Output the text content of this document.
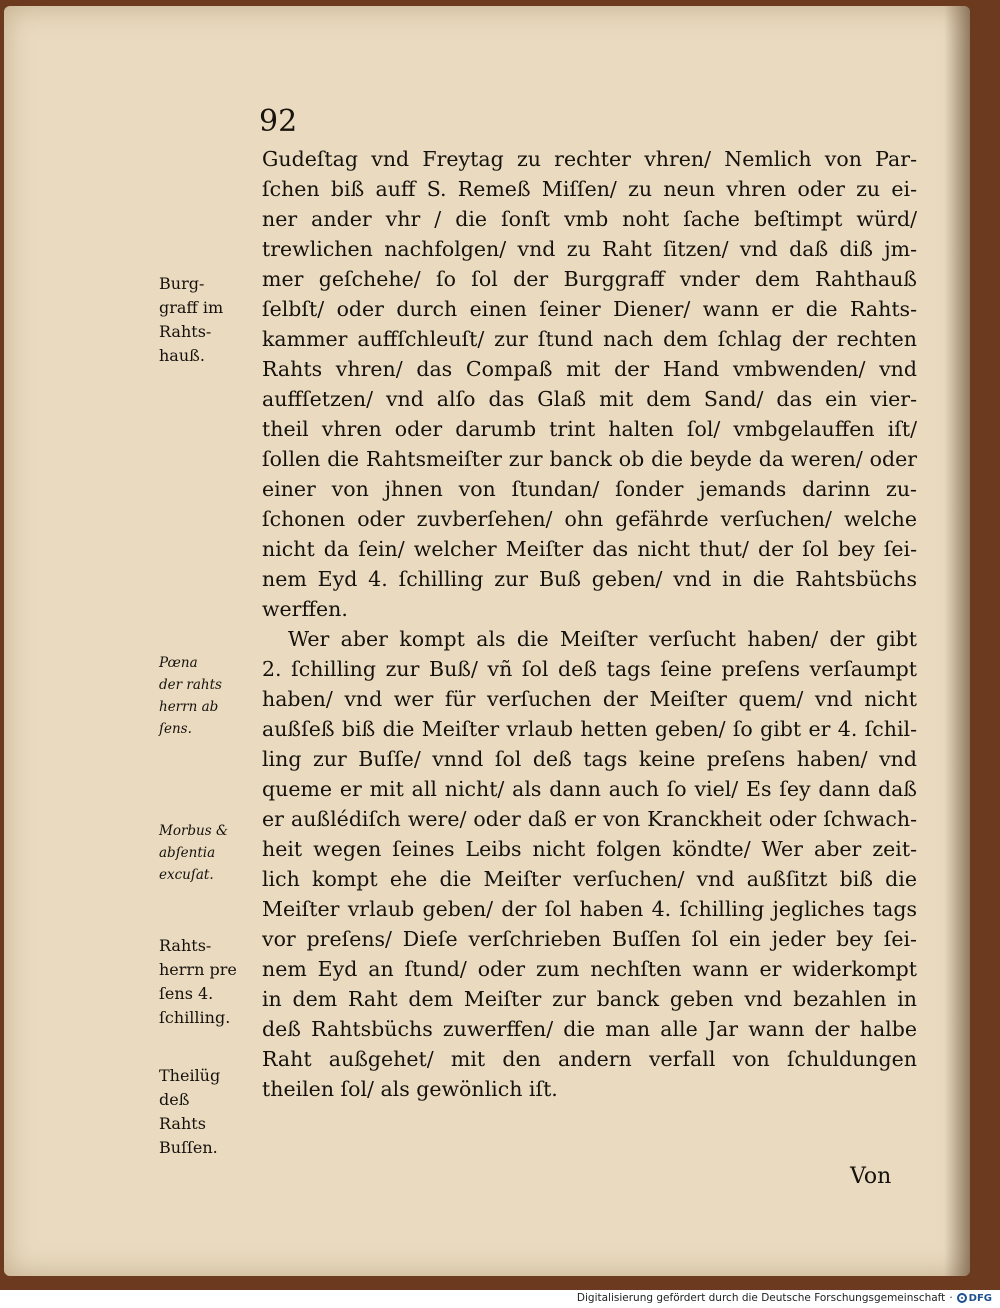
92
Gudeſtag vnd Freytag zu rechter vhren/ Nemlich von Par-
ſchen biß auff S. Remeß Miſſen/ zu neun vhren oder zu ei-
ner ander vhr / die ſonſt vmb noht ſache beſtimpt würd/
trewlichen nachfolgen/ vnd zu Raht ſitzen/ vnd daß diß jm-
mer geſchehe/ ſo ſol der Burggraff vnder dem Rahthauß
ſelbſt/ oder durch einen ſeiner Diener/ wann er die Rahts-
kammer auffſchleuſt/ zur ſtund nach dem ſchlag der rechten
Rahts vhren/ das Compaß mit der Hand vmbwenden/ vnd
auffſetzen/ vnd alſo das Glaß mit dem Sand/ das ein vier-
theil vhren oder darumb trint halten ſol/ vmbgelauffen iſt/
ſollen die Rahtsmeiſter zur banck ob die beyde da weren/ oder
einer von jhnen von ſtundan/ ſonder jemands darinn zu-
ſchonen oder zuvberſehen/ ohn gefährde verſuchen/ welche
nicht da ſein/ welcher Meiſter das nicht thut/ der ſol bey ſei-
nem Eyd 4. ſchilling zur Buß geben/ vnd in die Rahtsbüchs
werffen.
Wer aber kompt als die Meiſter verſucht haben/ der gibt
2. ſchilling zur Buß/ vñ ſol deß tags ſeine preſens verſaumpt
haben/ vnd wer für verſuchen der Meiſter quem/ vnd nicht
außſeß biß die Meiſter vrlaub hetten geben/ ſo gibt er 4. ſchil-
ling zur Buſſe/ vnnd ſol deß tags keine preſens haben/ vnd
queme er mit all nicht/ als dann auch ſo viel/ Es ſey dann daß
er außlédiſch were/ oder daß er von Kranckheit oder ſchwach-
heit wegen ſeines Leibs nicht folgen köndte/ Wer aber zeit-
lich kompt ehe die Meiſter verſuchen/ vnd außſitzt biß die
Meiſter vrlaub geben/ der ſol haben 4. ſchilling jegliches tags
vor preſens/ Dieſe verſchrieben Buſſen ſol ein jeder bey ſei-
nem Eyd an ſtund/ oder zum nechſten wann er widerkompt
in dem Raht dem Meiſter zur banck geben vnd bezahlen in
deß Rahtsbüchs zuwerffen/ die man alle Jar wann der halbe
Raht außgehet/ mit den andern verfall von ſchuldungen
theilen ſol/ als gewönlich iſt.
Von
Burg-
graff im
Rahts-
hauß.
Pœna
der rahts
herrn ab
ſens.
Morbus &
abſentia
excuſat.
Rahts-
herrn pre
ſens 4.
ſchilling.
Theilüg
deß
Rahts
Buſſen.
Digitalisierung gefördert durch die Deutsche Forschungsgemeinschaft · DFG
